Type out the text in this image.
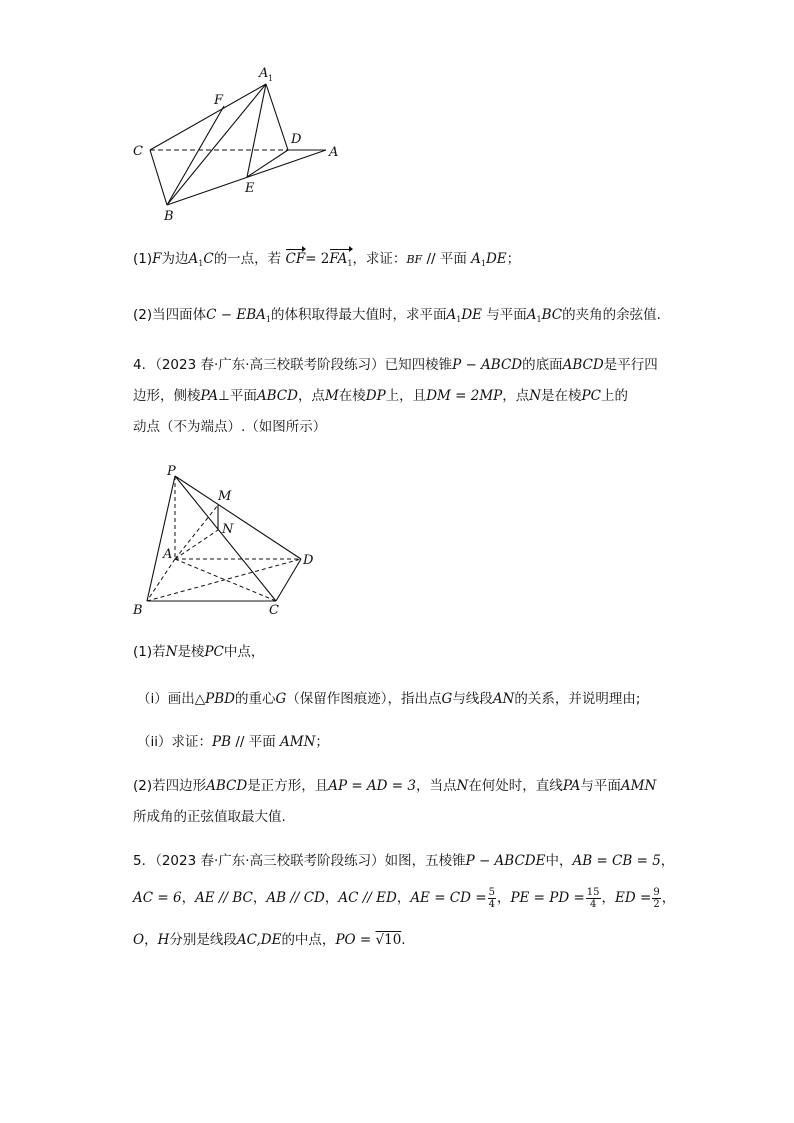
A 1
F
D
C	A
E
B
P
M
N
A	D
B	C
(1)F为边$A_1C$的一点，若 $CF= 2FA_1$，求证：BF // 平面 $A_1DE$；
(2)当四面体$C - EBA_1$的体积取得最大值时，求平面$A_1DE$ 与平面$A_1BC$的夹角的余弦值.
4．（2023 春·广东·高三校联考阶段练习）已知四棱锥P − ABCD的底面ABCD是平行四
边形，侧棱PA⊥平面ABCD，点M在棱DP上，且DM = 2MP，点N是在棱PC上的
动点（不为端点）.（如图所示）
(1)若N是棱PC中点，
（i）画出△PBD的重心G（保留作图痕迹），指出点G与线段AN的关系，并说明理由;
（ii）求证：PB // 平面 AMN；
(2)若四边形ABCD是正方形，且AP = AD = 3，当点N在何处时，直线PA与平面AMN
所成角的正弦值取最大值.
5．（2023 春·广东·高三校联考阶段练习）如图，五棱锥P − ABCDE中，AB = CB = 5，
AC = 6，AE // BC，AB // CD，AC // ED，AE = CD = $\frac{5}{4}$ ，PE = PD = $\frac{15}{4}$ ，ED = $\frac{9}{2}$ ，
O，H分别是线段AC,DE的中点，PO = √10.
